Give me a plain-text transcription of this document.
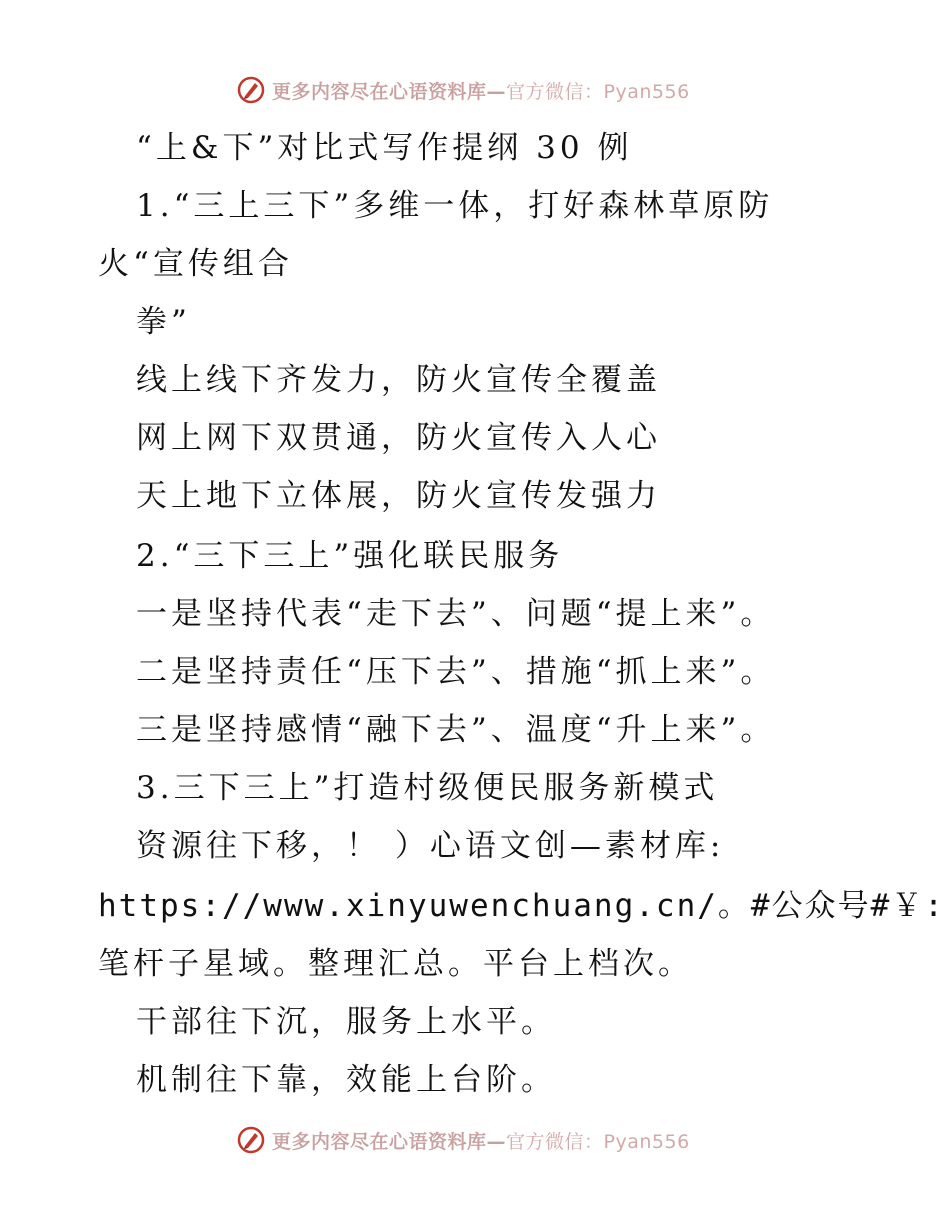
更多内容尽在心语资料库—官方微信：Pyan556
“上&下”对比式写作提纲 30 例
1.“三上三下”多维一体，打好森林草原防
火“宣传组合
拳”
线上线下齐发力，防火宣传全覆盖
网上网下双贯通，防火宣传入人心
天上地下立体展，防火宣传发强力
2.“三下三上”强化联民服务
一是坚持代表“走下去”、问题“提上来”。
二是坚持责任“压下去”、措施“抓上来”。
三是坚持感情“融下去”、温度“升上来”。
3.三下三上”打造村级便民服务新模式
资源往下移，！ ）心语文创—素材库:
https://www.xinyuwenchuang.cn/。#公众号#￥:
笔杆子星域。整理汇总。平台上档次。
干部往下沉，服务上水平。
机制往下靠，效能上台阶。
更多内容尽在心语资料库—官方微信：Pyan556
